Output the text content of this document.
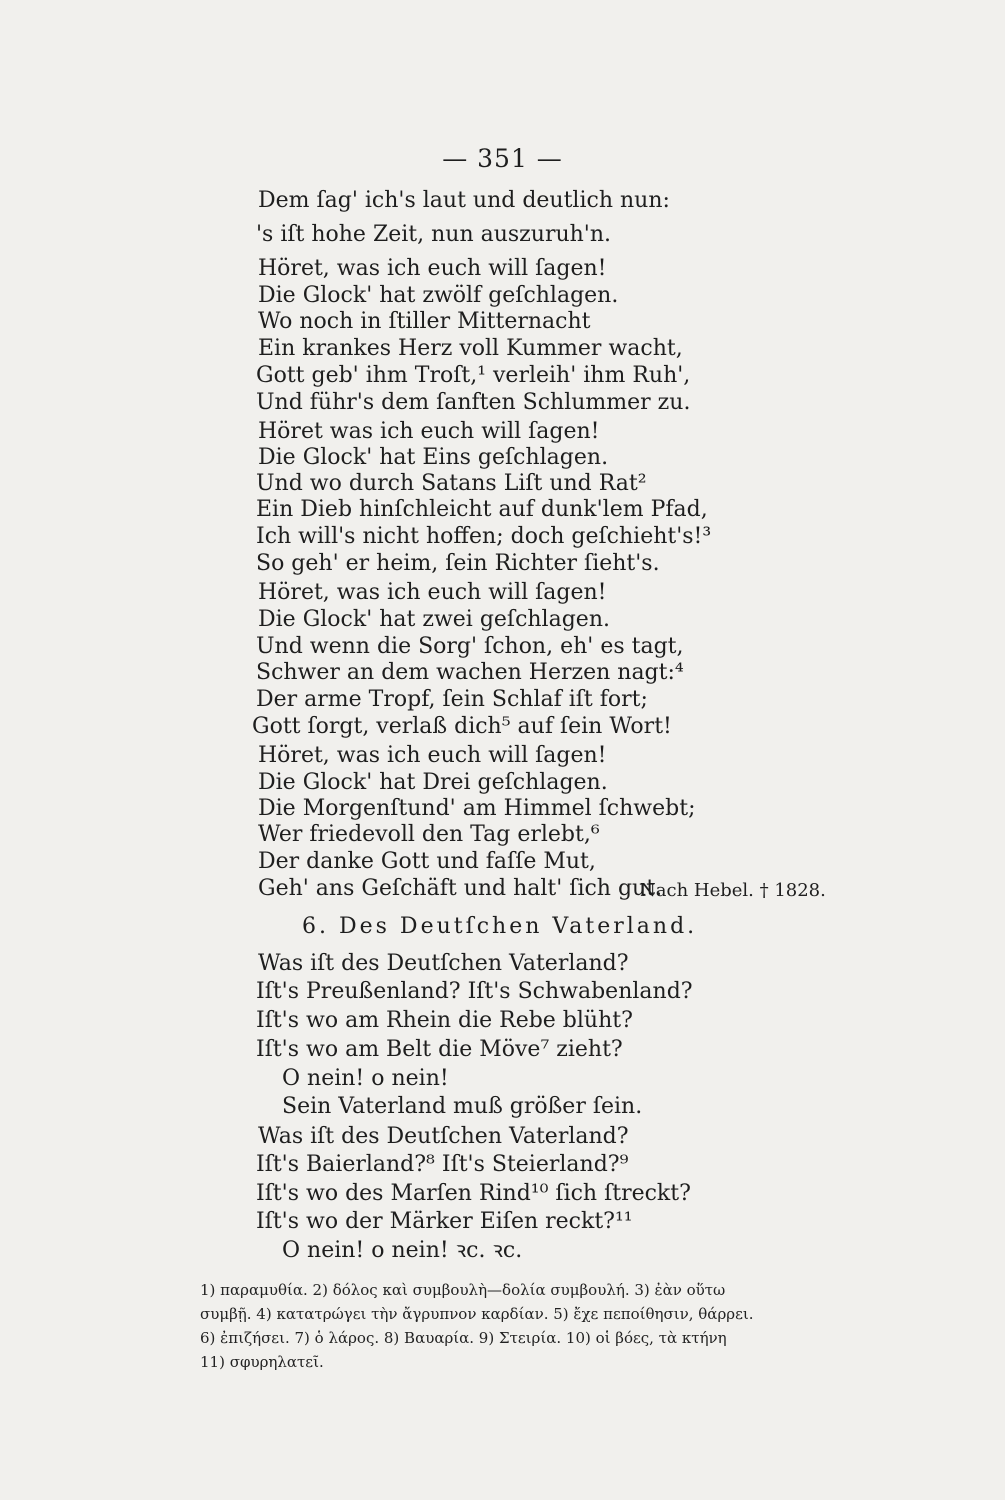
— 351 —
Dem ſag' ich's laut und deutlich nun:
's iſt hohe Zeit, nun auszuruh'n.
Höret, was ich euch will ſagen!
Die Glock' hat zwölf geſchlagen.
Wo noch in ſtiller Mitternacht
Ein krankes Herz voll Kummer wacht,
Gott geb' ihm Troſt,¹ verleih' ihm Ruh',
Und führ's dem ſanften Schlummer zu.
Höret was ich euch will ſagen!
Die Glock' hat Eins geſchlagen.
Und wo durch Satans Liſt und Rat²
Ein Dieb hinſchleicht auf dunk'lem Pfad,
Ich will's nicht hoffen; doch geſchieht's!³
So geh' er heim, ſein Richter ſieht's.
Höret, was ich euch will ſagen!
Die Glock' hat zwei geſchlagen.
Und wenn die Sorg' ſchon, eh' es tagt,
Schwer an dem wachen Herzen nagt:⁴
Der arme Tropf, ſein Schlaf iſt fort;
Gott ſorgt, verlaß dich⁵ auf ſein Wort!
Höret, was ich euch will ſagen!
Die Glock' hat Drei geſchlagen.
Die Morgenſtund' am Himmel ſchwebt;
Wer friedevoll den Tag erlebt,⁶
Der danke Gott und faſſe Mut,
Geh' ans Geſchäft und halt' ſich gut.
Nach Hebel. † 1828.
6. Des Deutſchen Vaterland.
Was iſt des Deutſchen Vaterland?
Iſt's Preußenland? Iſt's Schwabenland?
Iſt's wo am Rhein die Rebe blüht?
Iſt's wo am Belt die Möve⁷ zieht?
O nein! o nein!
Sein Vaterland muß größer ſein.
Was iſt des Deutſchen Vaterland?
Iſt's Baierland?⁸ Iſt's Steierland?⁹
Iſt's wo des Marſen Rind¹⁰ ſich ſtreckt?
Iſt's wo der Märker Eiſen reckt?¹¹
O nein! o nein! ꝛc. ꝛc.
1) παραμυθία. 2) δόλος καὶ συμβουλὴ—δολία συμβουλή. 3) ἐὰν οὕτω
συμβῇ. 4) κατατρώγει τὴν ἄγρυπνον καρδίαν. 5) ἔχε πεποίθησιν, θάρρει.
6) ἐπιζήσει. 7) ὁ λάρος. 8) Βαυαρία. 9) Στειρία. 10) οἱ βόες, τὰ κτήνη
11) σφυρηλατεῖ.
